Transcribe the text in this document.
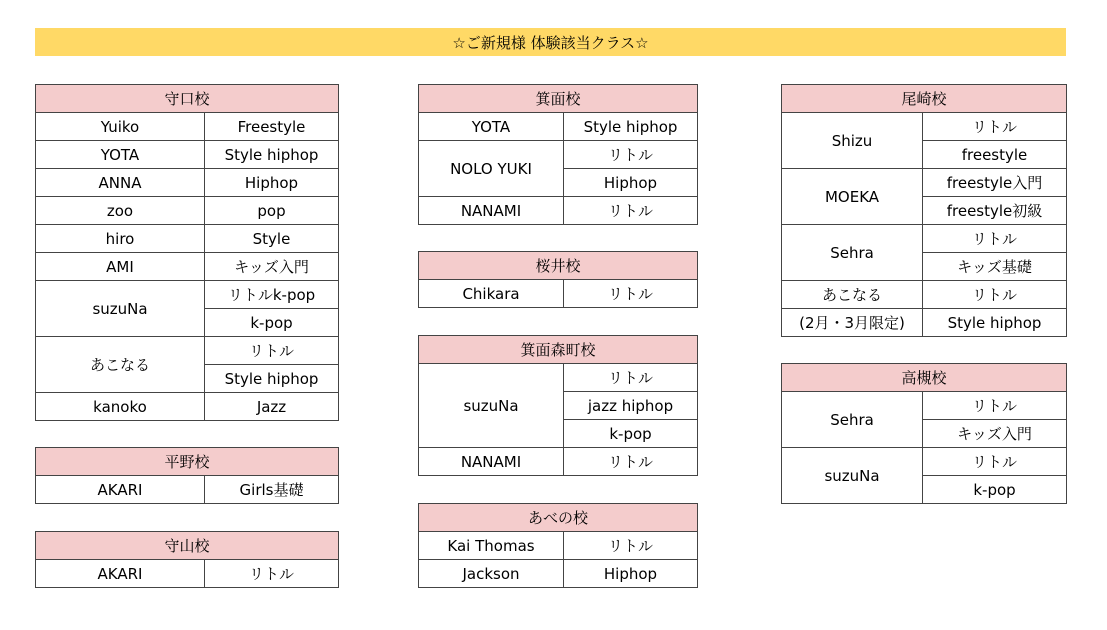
☆ご新規様 体験該当クラス☆
守口校	
Yuiko	Freestyle
YOTA	Style hiphop
ANNA	Hiphop
zoo	pop
hiro	Style
AMI	キッズ入門
suzuNa	リトルk-pop
	k-pop
あこなる	リトル
	Style hiphop
kanoko	Jazz
平野校
AKARI	Girls基礎
守山校
AKARI	リトル
箕面校	
YOTA	Style hiphop
NOLO YUKI	リトル
	Hiphop
NANAMI	リトル
桜井校
Chikara	リトル
箕面森町校	
suzuNa	リトル
	jazz hiphop
	k-pop
NANAMI	リトル
あべの校	
Kai Thomas	リトル
Jackson	Hiphop
尾崎校	
Shizu	リトル
	freestyle
MOEKA	freestyle入門
	freestyle初級
Sehra	リトル
	キッズ基礎
あこなる	リトル
(2月・3月限定)	Style hiphop
高槻校	
Sehra	リトル
	キッズ入門
suzuNa	リトル
	k-pop
